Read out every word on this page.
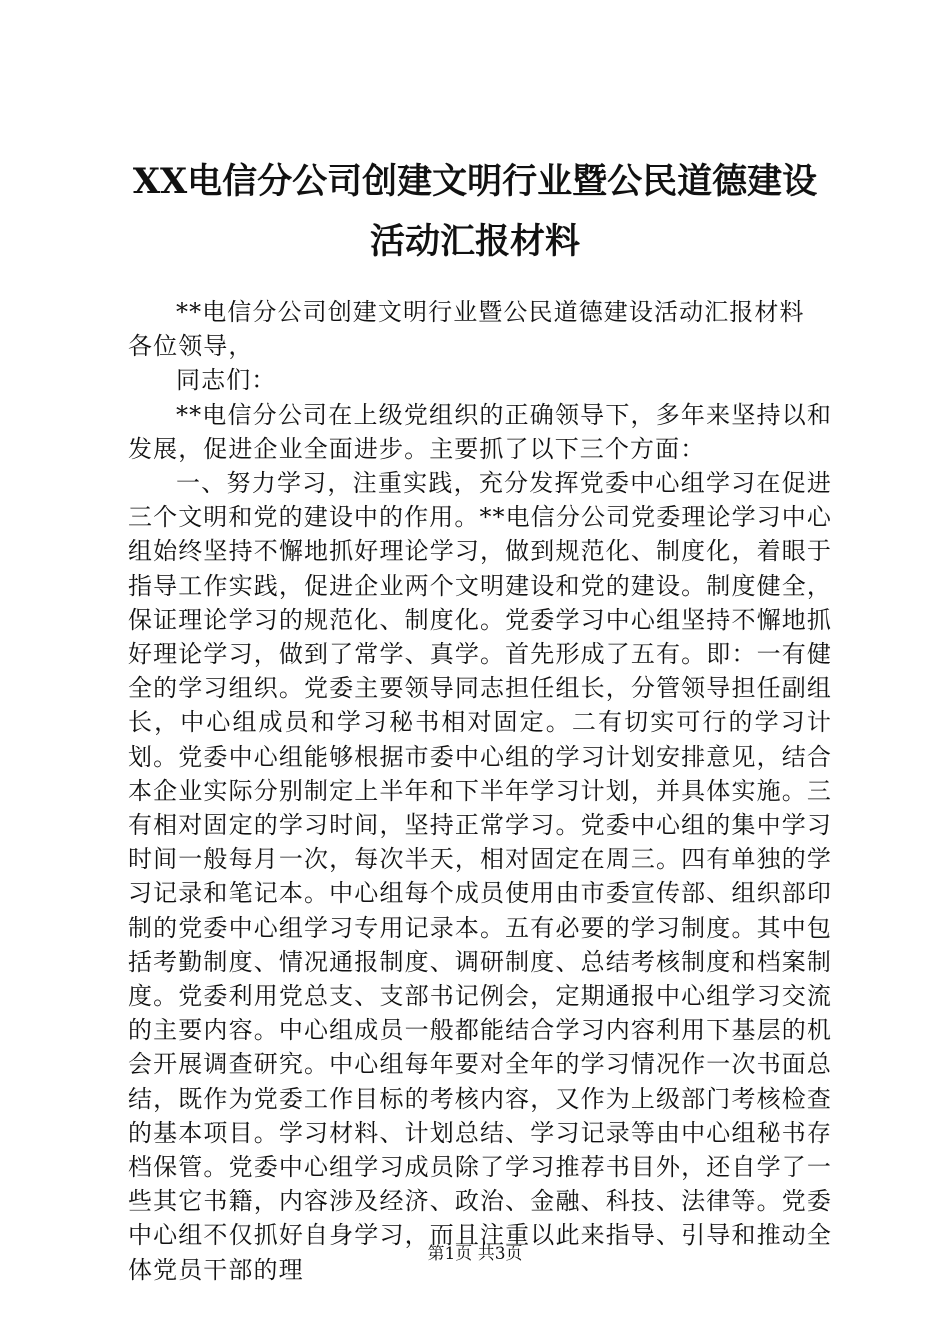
XX电信分公司创建文明行业暨公民道德建设
活动汇报材料

**电信分公司创建文明行业暨公民道德建设活动汇报材料

各位领导，

同志们：

**电信分公司在上级党组织的正确领导下，多年来坚持以和发展，促进企业全面进步。主要抓了以下三个方面：

一、努力学习，注重实践，充分发挥党委中心组学习在促进三个文明和党的建设中的作用。**电信分公司党委理论学习中心组始终坚持不懈地抓好理论学习，做到规范化、制度化，着眼于指导工作实践，促进企业两个文明建设和党的建设。制度健全，保证理论学习的规范化、制度化。党委学习中心组坚持不懈地抓好理论学习，做到了常学、真学。首先形成了五有。即：一有健全的学习组织。党委主要领导同志担任组长，分管领导担任副组长，中心组成员和学习秘书相对固定。二有切实可行的学习计划。党委中心组能够根据市委中心组的学习计划安排意见，结合本企业实际分别制定上半年和下半年学习计划，并具体实施。三有相对固定的学习时间，坚持正常学习。党委中心组的集中学习时间一般每月一次，每次半天，相对固定在周三。四有单独的学习记录和笔记本。中心组每个成员使用由市委宣传部、组织部印制的党委中心组学习专用记录本。五有必要的学习制度。其中包括考勤制度、情况通报制度、调研制度、总结考核制度和档案制度。党委利用党总支、支部书记例会，定期通报中心组学习交流的主要内容。中心组成员一般都能结合学习内容利用下基层的机会开展调查研究。中心组每年要对全年的学习情况作一次书面总结，既作为党委工作目标的考核内容，又作为上级部门考核检查的基本项目。学习材料、计划总结、学习记录等由中心组秘书存档保管。党委中心组学习成员除了学习推荐书目外，还自学了一些其它书籍，内容涉及经济、政治、金融、科技、法律等。党委中心组不仅抓好自身学习，而且注重以此来指导、引导和推动全体党员干部的理

第1页 共3页
